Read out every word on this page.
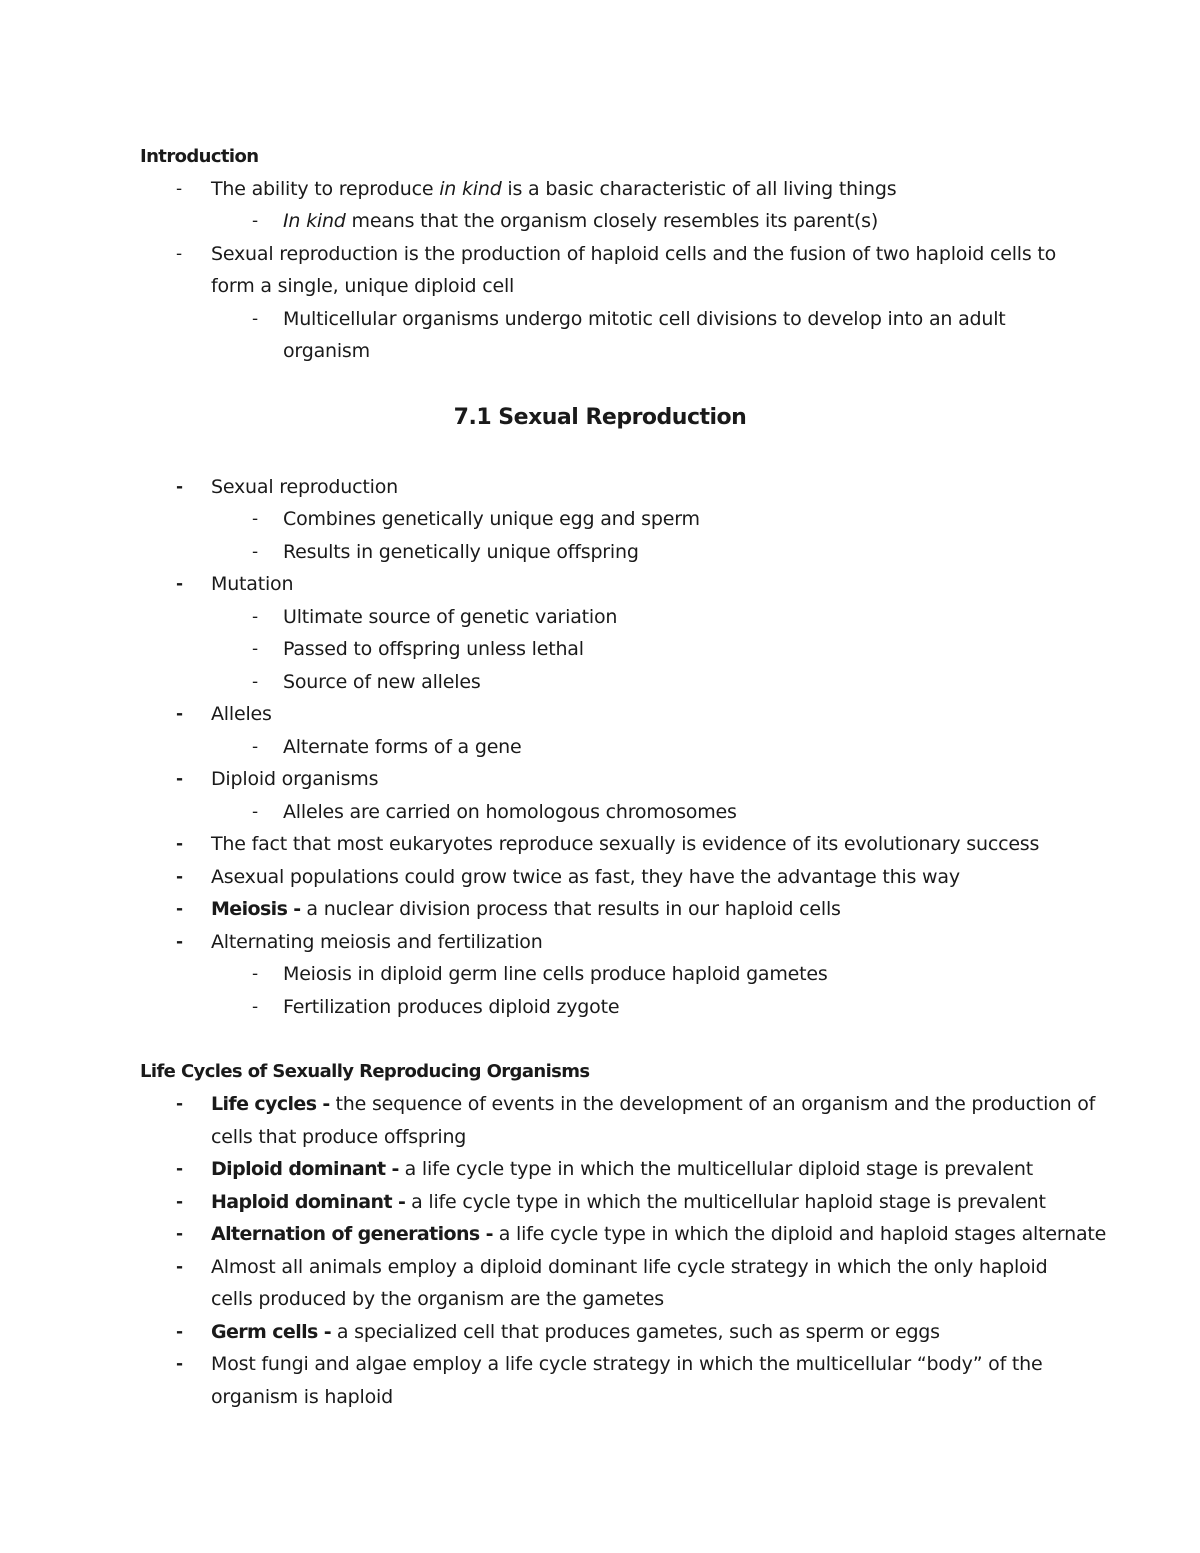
Introduction
- The ability to reproduce in kind is a basic characteristic of all living things
- In kind means that the organism closely resembles its parent(s)
- Sexual reproduction is the production of haploid cells and the fusion of two haploid cells to
form a single, unique diploid cell
- Multicellular organisms undergo mitotic cell divisions to develop into an adult
organism
7.1 Sexual Reproduction
- Sexual reproduction
- Combines genetically unique egg and sperm
- Results in genetically unique offspring
- Mutation
- Ultimate source of genetic variation
- Passed to offspring unless lethal
- Source of new alleles
- Alleles
- Alternate forms of a gene
- Diploid organisms
- Alleles are carried on homologous chromosomes
- The fact that most eukaryotes reproduce sexually is evidence of its evolutionary success
- Asexual populations could grow twice as fast, they have the advantage this way
- Meiosis - a nuclear division process that results in our haploid cells
- Alternating meiosis and fertilization
- Meiosis in diploid germ line cells produce haploid gametes
- Fertilization produces diploid zygote
Life Cycles of Sexually Reproducing Organisms
- Life cycles - the sequence of events in the development of an organism and the production of
cells that produce offspring
- Diploid dominant - a life cycle type in which the multicellular diploid stage is prevalent
- Haploid dominant - a life cycle type in which the multicellular haploid stage is prevalent
- Alternation of generations - a life cycle type in which the diploid and haploid stages alternate
- Almost all animals employ a diploid dominant life cycle strategy in which the only haploid
cells produced by the organism are the gametes
- Germ cells - a specialized cell that produces gametes, such as sperm or eggs
- Most fungi and algae employ a life cycle strategy in which the multicellular “body” of the
organism is haploid
